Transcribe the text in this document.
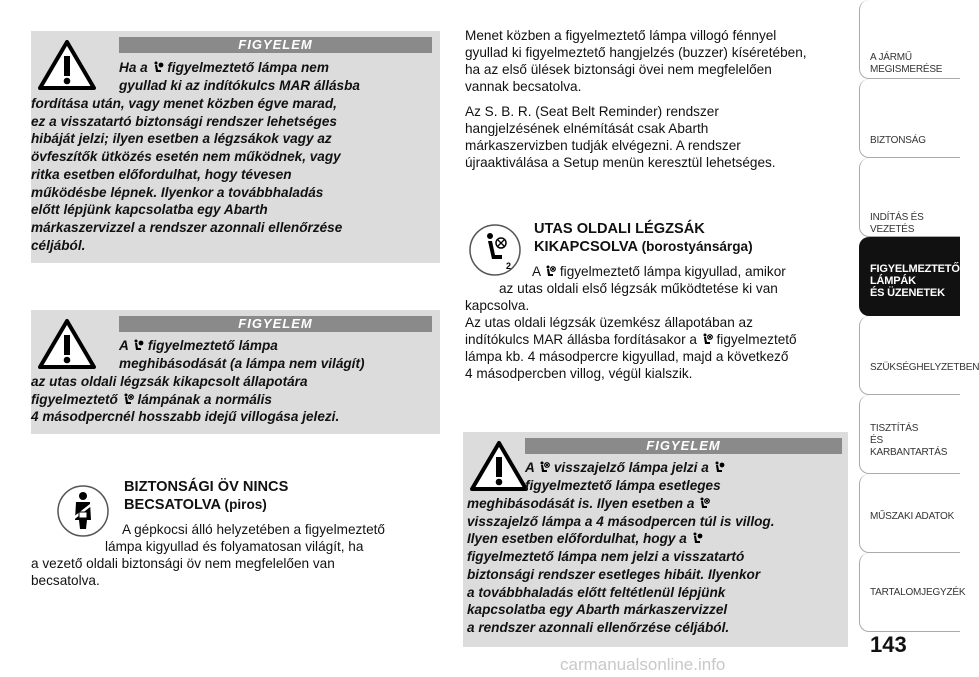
FIGYELEM
Ha a figyelmeztető lámpa nem
gyullad ki az indítókulcs MAR állásba
fordítása után, vagy menet közben égve marad,
ez a visszatartó biztonsági rendszer lehetséges
hibáját jelzi; ilyen esetben a légzsákok vagy az
övfeszítők ütközés esetén nem működnek, vagy
ritka esetben előfordulhat, hogy tévesen
működésbe lépnek. Ilyenkor a továbbhaladás
előtt lépjünk kapcsolatba egy Abarth
márkaszervizzel a rendszer azonnali ellenőrzése
céljából.
FIGYELEM
A figyelmeztető lámpa
meghibásodását (a lámpa nem világít)
az utas oldali légzsák kikapcsolt állapotára
figyelmeztető lámpának a normális
4 másodpercnél hosszabb idejű villogása jelezi.
BIZTONSÁGI ÖV NINCS
BECSATOLVA (piros)
A gépkocsi álló helyzetében a figyelmeztető
lámpa kigyullad és folyamatosan világít, ha
a vezető oldali biztonsági öv nem megfelelően van
becsatolva.

Menet közben a figyelmeztető lámpa villogó fénnyel
gyullad ki figyelmeztető hangjelzés (buzzer) kíséretében,
ha az első ülések biztonsági övei nem megfelelően
vannak becsatolva.

Az S. B. R. (Seat Belt Reminder) rendszer
hangjelzésének elnémítását csak Abarth
márkaszervizben tudják elvégezni. A rendszer
újraaktiválása a Setup menün keresztül lehetséges.

2
UTAS OLDALI LÉGZSÁK
KIKAPCSOLVA (borostyánsárga)
A figyelmeztető lámpa kigyullad, amikor
az utas oldali első légzsák működtetése ki van
kapcsolva.
Az utas oldali légzsák üzemkész állapotában az
indítókulcs MAR állásba fordításakor a figyelmeztető
lámpa kb. 4 másodpercre kigyullad, majd a következő
4 másodpercben villog, végül kialszik.
FIGYELEM
A visszajelző lámpa jelzi a
figyelmeztető lámpa esetleges
meghibásodását is. Ilyen esetben a
visszajelző lámpa a 4 másodpercen túl is villog.
Ilyen esetben előfordulhat, hogy a
figyelmeztető lámpa nem jelzi a visszatartó
biztonsági rendszer esetleges hibáit. Ilyenkor
a továbbhaladás előtt feltétlenül lépjünk
kapcsolatba egy Abarth márkaszervizzel
a rendszer azonnali ellenőrzése céljából.
A JÁRMŰ
MEGISMERÉSE
BIZTONSÁG
INDÍTÁS ÉS VEZETÉS
FIGYELMEZTETŐ
LÁMPÁK
ÉS ÜZENETEK
SZÜKSÉGHELYZETBEN
TISZTÍTÁS
ÉS KARBANTARTÁS
MŰSZAKI ADATOK
TARTALOMJEGYZÉK
143
carmanualsonline.info
